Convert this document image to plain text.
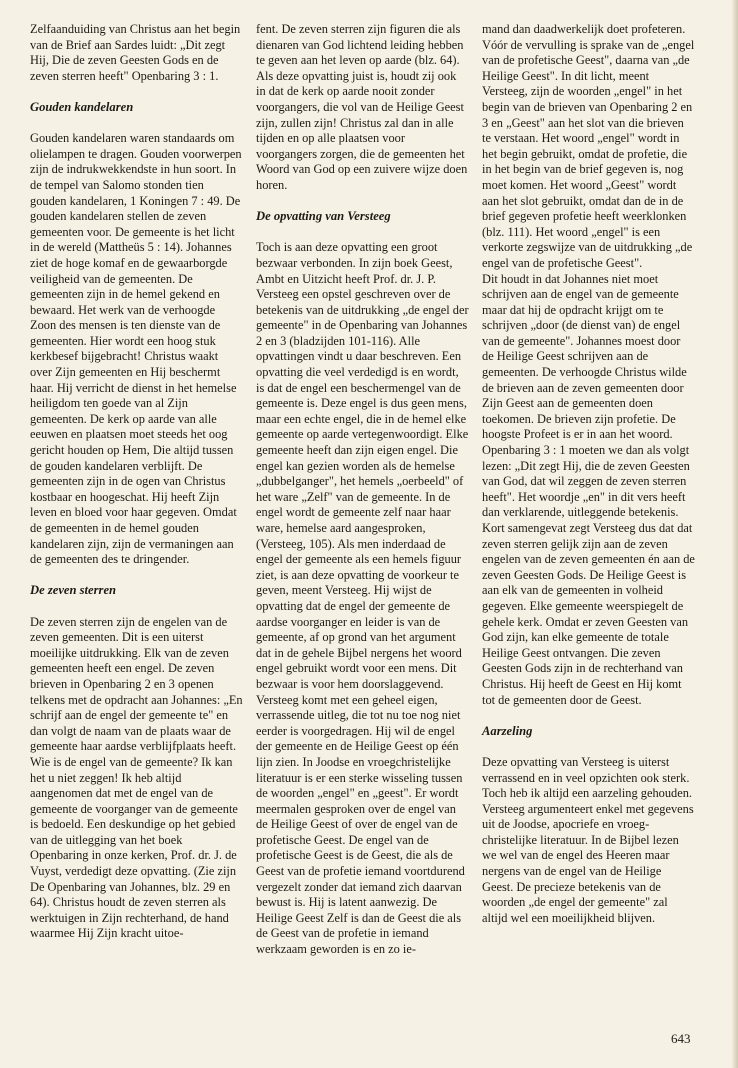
Zelfaanduiding van Christus aan het begin van de Brief aan Sardes luidt: „Dit zegt Hij, Die de zeven Geesten Gods en de zeven sterren heeft" Openbaring 3 : 1.

Gouden kandelaren

Gouden kandelaren waren standaards om olielampen te dragen. Gouden voorwerpen zijn de indrukwekkendste in hun soort. In de tempel van Salomo stonden tien gouden kandelaren, 1 Koningen 7 : 49. De gouden kandelaren stellen de zeven gemeenten voor. De gemeente is het licht in de wereld (Mattheüs 5 : 14). Johannes ziet de hoge komaf en de gewaarborgde veiligheid van de gemeenten. De gemeenten zijn in de hemel gekend en bewaard. Het werk van de verhoogde Zoon des mensen is ten dienste van de gemeenten. Hier wordt een hoog stuk kerkbesef bijgebracht! Christus waakt over Zijn gemeenten en Hij beschermt haar. Hij verricht de dienst in het hemelse heiligdom ten goede van al Zijn gemeenten. De kerk op aarde van alle eeuwen en plaatsen moet steeds het oog gericht houden op Hem, Die altijd tussen de gouden kandelaren verblijft. De gemeenten zijn in de ogen van Christus kostbaar en hoogeschat. Hij heeft Zijn leven en bloed voor haar gegeven. Omdat de gemeenten in de hemel gouden kandelaren zijn, zijn de vermaningen aan de gemeenten des te dringender.

De zeven sterren

De zeven sterren zijn de engelen van de zeven gemeenten. Dit is een uiterst moeilijke uitdrukking. Elk van de zeven gemeenten heeft een engel. De zeven brieven in Openbaring 2 en 3 openen telkens met de opdracht aan Johannes: „En schrijf aan de engel der gemeente te" en dan volgt de naam van de plaats waar de gemeente haar aardse verblijfplaats heeft. Wie is de engel van de gemeente? Ik kan het u niet zeggen! Ik heb altijd aangenomen dat met de engel van de gemeente de voorganger van de gemeente is bedoeld. Een deskundige op het gebied van de uitlegging van het boek Openbaring in onze kerken, Prof. dr. J. de Vuyst, verdedigt deze opvatting. (Zie zijn De Openbaring van Johannes, blz. 29 en 64). Christus houdt de zeven sterren als werktuigen in Zijn rechterhand, de hand waarmee Hij Zijn kracht uitoe-

fent. De zeven sterren zijn figuren die als dienaren van God lichtend leiding hebben te geven aan het leven op aarde (blz. 64). Als deze opvatting juist is, houdt zij ook in dat de kerk op aarde nooit zonder voorgangers, die vol van de Heilige Geest zijn, zullen zijn! Christus zal dan in alle tijden en op alle plaatsen voor voorgangers zorgen, die de gemeenten het Woord van God op een zuivere wijze doen horen.

De opvatting van Versteeg

Toch is aan deze opvatting een groot bezwaar verbonden. In zijn boek Geest, Ambt en Uitzicht heeft Prof. dr. J. P. Versteeg een opstel geschreven over de betekenis van de uitdrukking „de engel der gemeente" in de Openbaring van Johannes 2 en 3 (bladzijden 101-116). Alle opvattingen vindt u daar beschreven. Een opvatting die veel verdedigd is en wordt, is dat de engel een beschermengel van de gemeente is. Deze engel is dus geen mens, maar een echte engel, die in de hemel elke gemeente op aarde vertegenwoordigt. Elke gemeente heeft dan zijn eigen engel. Die engel kan gezien worden als de hemelse „dubbelganger", het hemels „oerbeeld" of het ware „Zelf" van de gemeente. In de engel wordt de gemeente zelf naar haar ware, hemelse aard aangesproken, (Versteeg, 105). Als men inderdaad de engel der gemeente als een hemels figuur ziet, is aan deze opvatting de voorkeur te geven, meent Versteeg. Hij wijst de opvatting dat de engel der gemeente de aardse voorganger en leider is van de gemeente, af op grond van het argument dat in de gehele Bijbel nergens het woord engel gebruikt wordt voor een mens. Dit bezwaar is voor hem doorslaggevend. Versteeg komt met een geheel eigen, verrassende uitleg, die tot nu toe nog niet eerder is voorgedragen. Hij wil de engel der gemeente en de Heilige Geest op één lijn zien. In Joodse en vroegchristelijke literatuur is er een sterke wisseling tussen de woorden „engel" en „geest". Er wordt meermalen gesproken over de engel van de Heilige Geest of over de engel van de profetische Geest. De engel van de profetische Geest is de Geest, die als de Geest van de profetie iemand voortdurend vergezelt zonder dat iemand zich daarvan bewust is. Hij is latent aanwezig. De Heilige Geest Zelf is dan de Geest die als de Geest van de profetie in iemand werkzaam geworden is en zo ie-

mand dan daadwerkelijk doet profeteren. Vóór de vervulling is sprake van de „engel van de profetische Geest", daarna van „de Heilige Geest". In dit licht, meent Versteeg, zijn de woorden „engel" in het begin van de brieven van Openbaring 2 en 3 en „Geest" aan het slot van die brieven te verstaan. Het woord „engel" wordt in het begin gebruikt, omdat de profetie, die in het begin van de brief gegeven is, nog moet komen. Het woord „Geest" wordt aan het slot gebruikt, omdat dan de in de brief gegeven profetie heeft weerklonken (blz. 111). Het woord „engel" is een verkorte zegswijze van de uitdrukking „de engel van de profetische Geest".

Dit houdt in dat Johannes niet moet schrijven aan de engel van de gemeente maar dat hij de opdracht krijgt om te schrijven „door (de dienst van) de engel van de gemeente". Johannes moest door de Heilige Geest schrijven aan de gemeenten. De verhoogde Christus wilde de brieven aan de zeven gemeenten door Zijn Geest aan de gemeenten doen toekomen. De brieven zijn profetie. De hoogste Profeet is er in aan het woord. Openbaring 3 : 1 moeten we dan als volgt lezen: „Dit zegt Hij, die de zeven Geesten van God, dat wil zeggen de zeven sterren heeft". Het woordje „en" in dit vers heeft dan verklarende, uitleggende betekenis. Kort samengevat zegt Versteeg dus dat dat zeven sterren gelijk zijn aan de zeven engelen van de zeven gemeenten én aan de zeven Geesten Gods. De Heilige Geest is aan elk van de gemeenten in volheid gegeven. Elke gemeente weerspiegelt de gehele kerk. Omdat er zeven Geesten van God zijn, kan elke gemeente de totale Heilige Geest ontvangen. Die zeven Geesten Gods zijn in de rechterhand van Christus. Hij heeft de Geest en Hij komt tot de gemeenten door de Geest.

Aarzeling

Deze opvatting van Versteeg is uiterst verrassend en in veel opzichten ook sterk. Toch heb ik altijd een aarzeling gehouden. Versteeg argumenteert enkel met gegevens uit de Joodse, apocriefe en vroeg-christelijke literatuur. In de Bijbel lezen we wel van de engel des Heeren maar nergens van de engel van de Heilige Geest. De precieze betekenis van de woorden „de engel der gemeente" zal altijd wel een moeilijkheid blijven.

643
